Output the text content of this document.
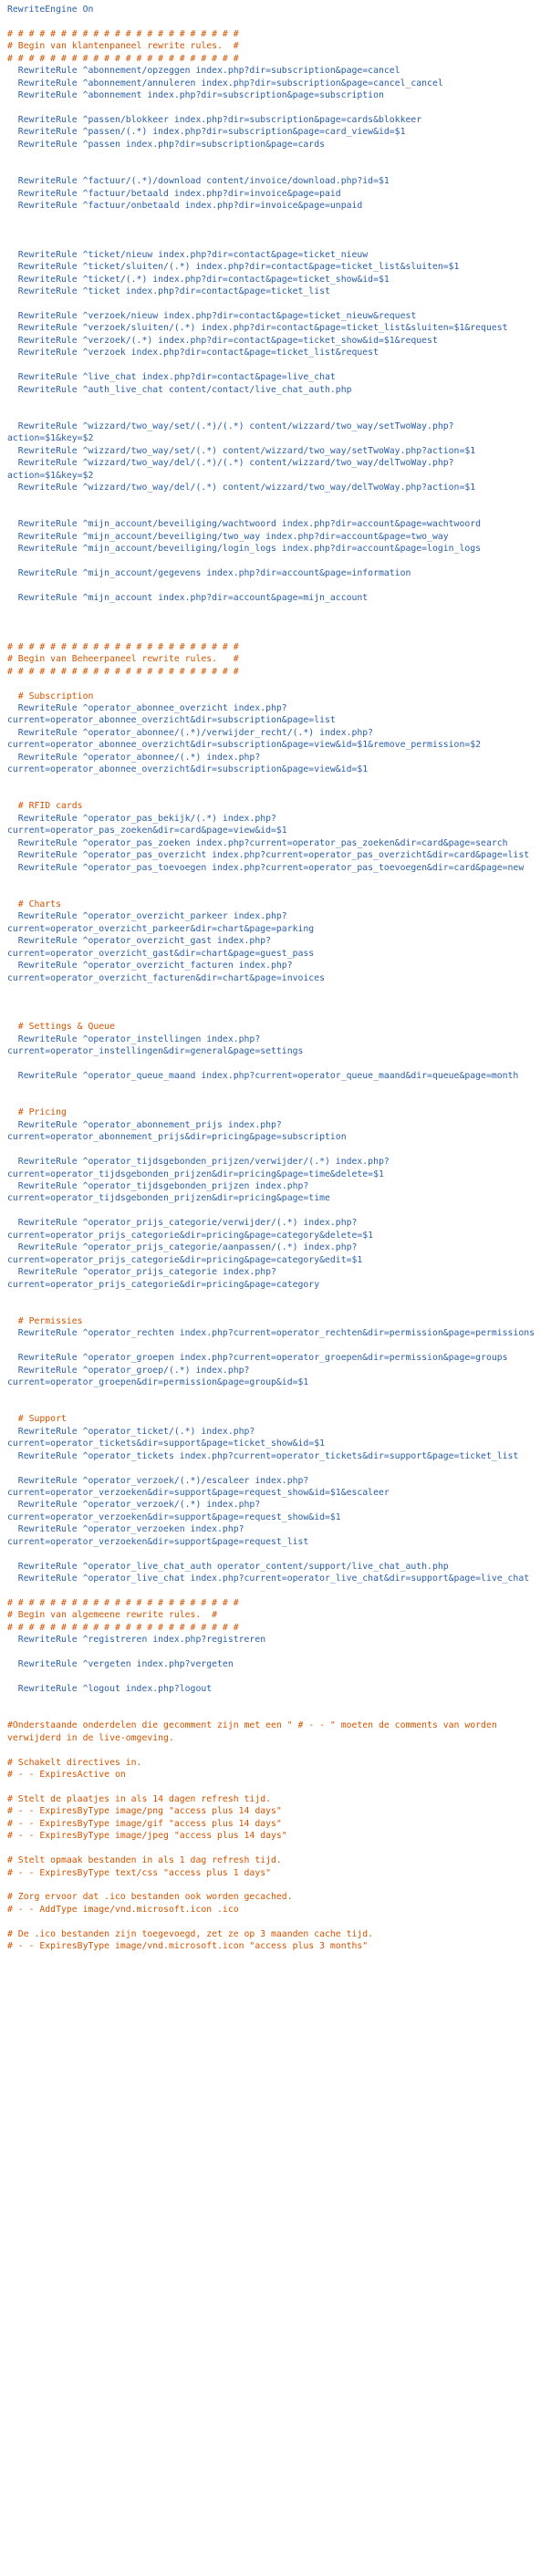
RewriteEngine On
# # # # # # # # # # # # # # # # # # # # # #
# Begin van klantenpaneel rewrite rules.  #
# # # # # # # # # # # # # # # # # # # # # #
RewriteRule ^abonnement/opzeggen index.php?dir=subscription&page=cancel
RewriteRule ^abonnement/annuleren index.php?dir=subscription&page=cancel_cancel
RewriteRule ^abonnement index.php?dir=subscription&page=subscription
RewriteRule ^passen/blokkeer index.php?dir=subscription&page=cards&blokkeer
RewriteRule ^passen/(.*) index.php?dir=subscription&page=card_view&id=$1
RewriteRule ^passen index.php?dir=subscription&page=cards
RewriteRule ^factuur/(.*)/download content/invoice/download.php?id=$1
RewriteRule ^factuur/betaald index.php?dir=invoice&page=paid
RewriteRule ^factuur/onbetaald index.php?dir=invoice&page=unpaid
RewriteRule ^ticket/nieuw index.php?dir=contact&page=ticket_nieuw
RewriteRule ^ticket/sluiten/(.*) index.php?dir=contact&page=ticket_list&sluiten=$1
RewriteRule ^ticket/(.*) index.php?dir=contact&page=ticket_show&id=$1
RewriteRule ^ticket index.php?dir=contact&page=ticket_list
RewriteRule ^verzoek/nieuw index.php?dir=contact&page=ticket_nieuw&request
RewriteRule ^verzoek/sluiten/(.*) index.php?dir=contact&page=ticket_list&sluiten=$1&request
RewriteRule ^verzoek/(.*) index.php?dir=contact&page=ticket_show&id=$1&request
RewriteRule ^verzoek index.php?dir=contact&page=ticket_list&request
RewriteRule ^live_chat index.php?dir=contact&page=live_chat
RewriteRule ^auth_live_chat content/contact/live_chat_auth.php
RewriteRule ^wizzard/two_way/set/(.*)/(.*) content/wizzard/two_way/setTwoWay.php?
action=$1&key=$2
RewriteRule ^wizzard/two_way/set/(.*) content/wizzard/two_way/setTwoWay.php?action=$1
RewriteRule ^wizzard/two_way/del/(.*)/(.*) content/wizzard/two_way/delTwoWay.php?
action=$1&key=$2
RewriteRule ^wizzard/two_way/del/(.*) content/wizzard/two_way/delTwoWay.php?action=$1
RewriteRule ^mijn_account/beveiliging/wachtwoord index.php?dir=account&page=wachtwoord
RewriteRule ^mijn_account/beveiliging/two_way index.php?dir=account&page=two_way
RewriteRule ^mijn_account/beveiliging/login_logs index.php?dir=account&page=login_logs
RewriteRule ^mijn_account/gegevens index.php?dir=account&page=information
RewriteRule ^mijn_account index.php?dir=account&page=mijn_account
# # # # # # # # # # # # # # # # # # # # # #
# Begin van Beheerpaneel rewrite rules.   #
# # # # # # # # # # # # # # # # # # # # # #
# Subscription
RewriteRule ^operator_abonnee_overzicht index.php?
current=operator_abonnee_overzicht&dir=subscription&page=list
RewriteRule ^operator_abonnee/(.*)/verwijder_recht/(.*) index.php?
current=operator_abonnee_overzicht&dir=subscription&page=view&id=$1&remove_permission=$2
RewriteRule ^operator_abonnee/(.*) index.php?
current=operator_abonnee_overzicht&dir=subscription&page=view&id=$1
# RFID cards
RewriteRule ^operator_pas_bekijk/(.*) index.php?
current=operator_pas_zoeken&dir=card&page=view&id=$1
RewriteRule ^operator_pas_zoeken index.php?current=operator_pas_zoeken&dir=card&page=search
RewriteRule ^operator_pas_overzicht index.php?current=operator_pas_overzicht&dir=card&page=list
RewriteRule ^operator_pas_toevoegen index.php?current=operator_pas_toevoegen&dir=card&page=new
# Charts
RewriteRule ^operator_overzicht_parkeer index.php?
current=operator_overzicht_parkeer&dir=chart&page=parking
RewriteRule ^operator_overzicht_gast index.php?
current=operator_overzicht_gast&dir=chart&page=guest_pass
RewriteRule ^operator_overzicht_facturen index.php?
current=operator_overzicht_facturen&dir=chart&page=invoices
# Settings & Queue
RewriteRule ^operator_instellingen index.php?
current=operator_instellingen&dir=general&page=settings
RewriteRule ^operator_queue_maand index.php?current=operator_queue_maand&dir=queue&page=month
# Pricing
RewriteRule ^operator_abonnement_prijs index.php?
current=operator_abonnement_prijs&dir=pricing&page=subscription
RewriteRule ^operator_tijdsgebonden_prijzen/verwijder/(.*) index.php?
current=operator_tijdsgebonden_prijzen&dir=pricing&page=time&delete=$1
RewriteRule ^operator_tijdsgebonden_prijzen index.php?
current=operator_tijdsgebonden_prijzen&dir=pricing&page=time
RewriteRule ^operator_prijs_categorie/verwijder/(.*) index.php?
current=operator_prijs_categorie&dir=pricing&page=category&delete=$1
RewriteRule ^operator_prijs_categorie/aanpassen/(.*) index.php?
current=operator_prijs_categorie&dir=pricing&page=category&edit=$1
RewriteRule ^operator_prijs_categorie index.php?
current=operator_prijs_categorie&dir=pricing&page=category
# Permissies
RewriteRule ^operator_rechten index.php?current=operator_rechten&dir=permission&page=permissions
RewriteRule ^operator_groepen index.php?current=operator_groepen&dir=permission&page=groups
RewriteRule ^operator_groep/(.*) index.php?
current=operator_groepen&dir=permission&page=group&id=$1
# Support
RewriteRule ^operator_ticket/(.*) index.php?
current=operator_tickets&dir=support&page=ticket_show&id=$1
RewriteRule ^operator_tickets index.php?current=operator_tickets&dir=support&page=ticket_list
RewriteRule ^operator_verzoek/(.*)/escaleer index.php?
current=operator_verzoeken&dir=support&page=request_show&id=$1&escaleer
RewriteRule ^operator_verzoek/(.*) index.php?
current=operator_verzoeken&dir=support&page=request_show&id=$1
RewriteRule ^operator_verzoeken index.php?
current=operator_verzoeken&dir=support&page=request_list
RewriteRule ^operator_live_chat_auth operator_content/support/live_chat_auth.php
RewriteRule ^operator_live_chat index.php?current=operator_live_chat&dir=support&page=live_chat
# # # # # # # # # # # # # # # # # # # # # #
# Begin van algemeene rewrite rules.  #
# # # # # # # # # # # # # # # # # # # # # #
RewriteRule ^registreren index.php?registreren
RewriteRule ^vergeten index.php?vergeten
RewriteRule ^logout index.php?logout
#Onderstaande onderdelen die gecomment zijn met een " # - - " moeten de comments van worden
verwijderd in de live-omgeving.
# Schakelt directives in.
# - - ExpiresActive on
# Stelt de plaatjes in als 14 dagen refresh tijd.
# - - ExpiresByType image/png "access plus 14 days"
# - - ExpiresByType image/gif "access plus 14 days"
# - - ExpiresByType image/jpeg "access plus 14 days"
# Stelt opmaak bestanden in als 1 dag refresh tijd.
# - - ExpiresByType text/css "access plus 1 days"
# Zorg ervoor dat .ico bestanden ook worden gecached.
# - - AddType image/vnd.microsoft.icon .ico
# De .ico bestanden zijn toegevoegd, zet ze op 3 maanden cache tijd.
# - - ExpiresByType image/vnd.microsoft.icon "access plus 3 months"
